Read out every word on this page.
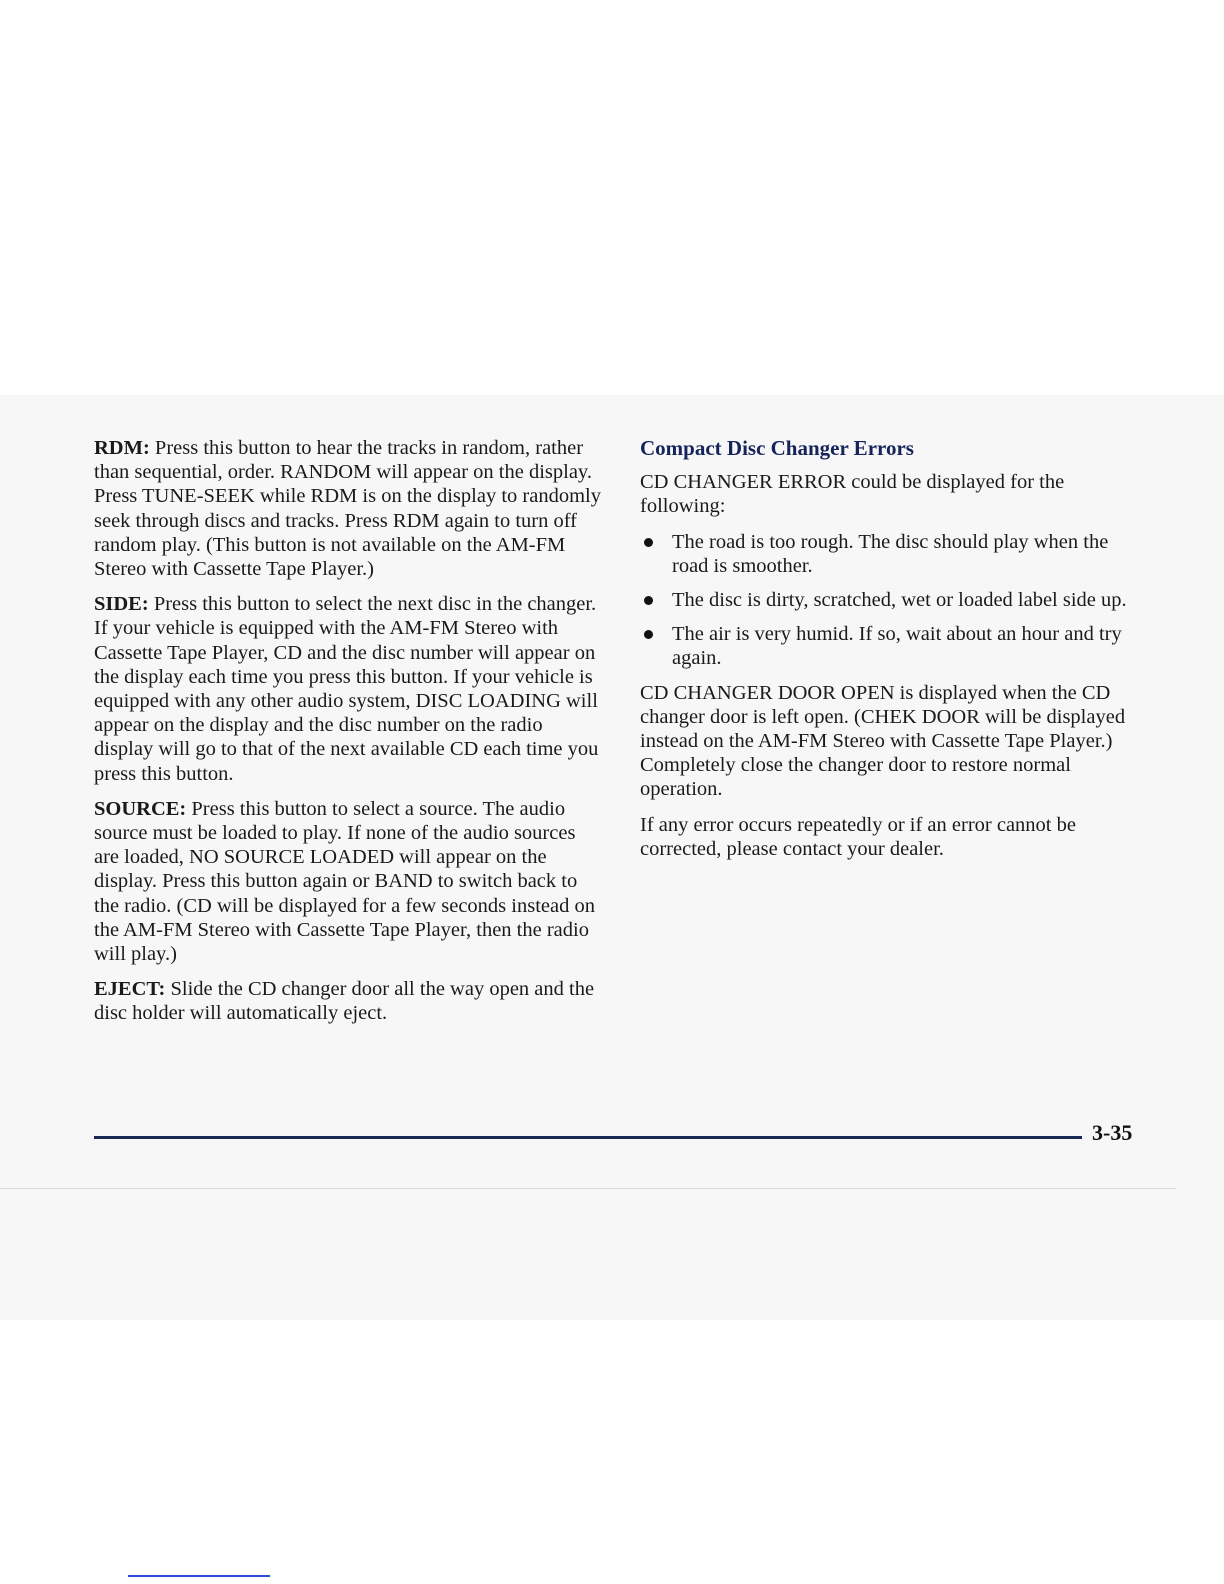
RDM: Press this button to hear the tracks in random, rather than sequential, order. RANDOM will appear on the display. Press TUNE-SEEK while RDM is on the display to randomly seek through discs and tracks. Press RDM again to turn off random play. (This button is not available on the AM-FM Stereo with Cassette Tape Player.)

SIDE: Press this button to select the next disc in the changer. If your vehicle is equipped with the AM-FM Stereo with Cassette Tape Player, CD and the disc number will appear on the display each time you press this button. If your vehicle is equipped with any other audio system, DISC LOADING will appear on the display and the disc number on the radio display will go to that of the next available CD each time you press this button.

SOURCE: Press this button to select a source. The audio source must be loaded to play. If none of the audio sources are loaded, NO SOURCE LOADED will appear on the display. Press this button again or BAND to switch back to the radio. (CD will be displayed for a few seconds instead on the AM-FM Stereo with Cassette Tape Player, then the radio will play.)

EJECT: Slide the CD changer door all the way open and the disc holder will automatically eject.

Compact Disc Changer Errors

CD CHANGER ERROR could be displayed for the following:

The road is too rough. The disc should play when the road is smoother.
The disc is dirty, scratched, wet or loaded label side up.
The air is very humid. If so, wait about an hour and try again.

CD CHANGER DOOR OPEN is displayed when the CD changer door is left open. (CHEK DOOR will be displayed instead on the AM-FM Stereo with Cassette Tape Player.) Completely close the changer door to restore normal operation.

If any error occurs repeatedly or if an error cannot be corrected, please contact your dealer.

3-35
